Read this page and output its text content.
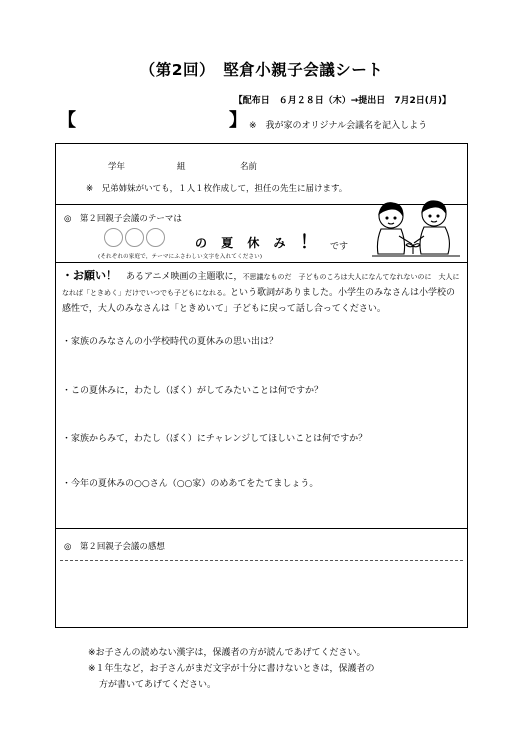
（第2回）　堅倉小親子会議シート
【配布日　６月２８日（木）→提出日　7月2日(月)】
【	】 ※　我が家のオリジナル会議名を記入しよう
学年	組	名前
※　兄弟姉妹がいても，１人１枚作成して，担任の先生に届けます。
◎　第２回親子会議のテーマは
の 夏 休 み ！ です
(それぞれの家庭で，テーマにふさわしい文字を入れてください)
・お願い！　あるアニメ映画の主題歌に，不思議なものだ　子どものころは大人になんてなれないのに　大人になれば「ときめく」だけでいつでも子どもになれる。という歌詞がありました。小学生のみなさんは小学校の感性で，大人のみなさんは「ときめいて」子どもに戻って話し合ってください。
・家族のみなさんの小学校時代の夏休みの思い出は？
・この夏休みに，わたし（ぼく）がしてみたいことは何ですか？
・家族からみて，わたし（ぼく）にチャレンジしてほしいことは何ですか？
・今年の夏休みの○○さん（○○家）のめあてをたてましょう。
◎　第２回親子会議の感想
※お子さんの読めない漢字は，保護者の方が読んであげてください。
※１年生など，お子さんがまだ文字が十分に書けないときは，保護者の
方が書いてあげてください。
